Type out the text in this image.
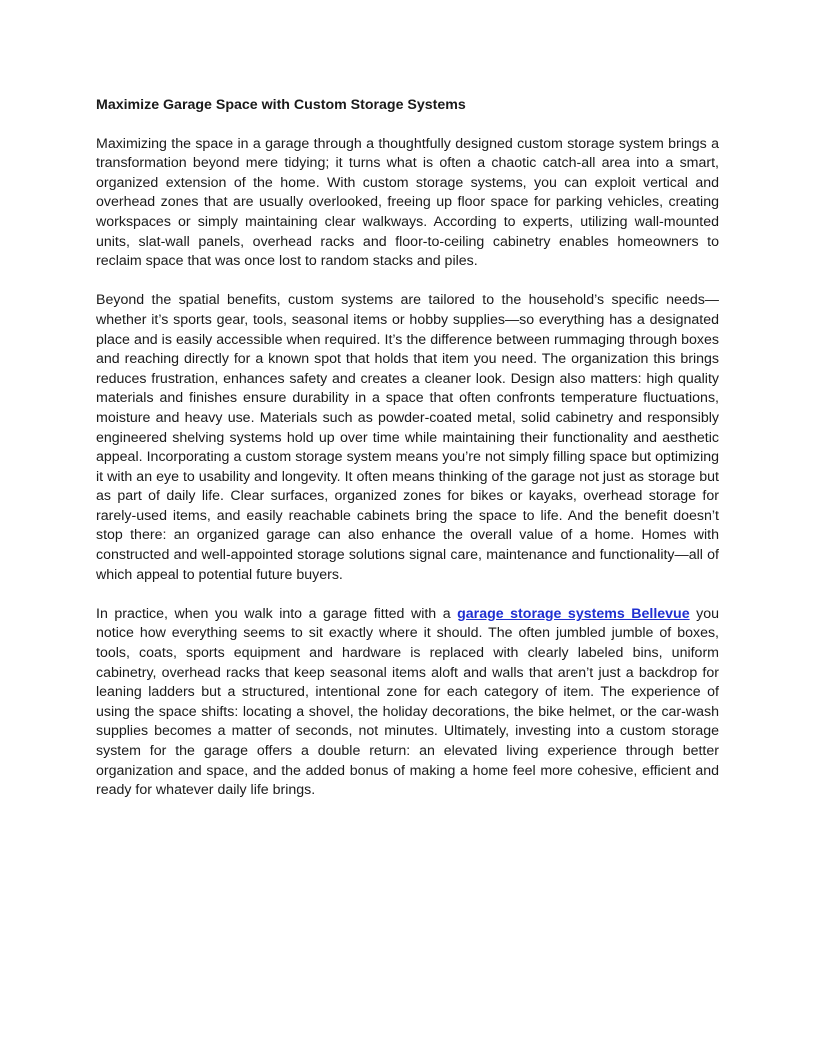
Maximize Garage Space with Custom Storage Systems

Maximizing the space in a garage through a thoughtfully designed custom storage system brings a transformation beyond mere tidying; it turns what is often a chaotic catch-all area into a smart, organized extension of the home. With custom storage systems, you can exploit vertical and overhead zones that are usually overlooked, freeing up floor space for parking vehicles, creating workspaces or simply maintaining clear walkways. According to experts, utilizing wall-mounted units, slat-wall panels, overhead racks and floor-to-ceiling cabinetry enables homeowners to reclaim space that was once lost to random stacks and piles.

Beyond the spatial benefits, custom systems are tailored to the household’s specific needs—whether it’s sports gear, tools, seasonal items or hobby supplies—so everything has a designated place and is easily accessible when required. It’s the difference between rummaging through boxes and reaching directly for a known spot that holds that item you need. The organization this brings reduces frustration, enhances safety and creates a cleaner look. Design also matters: high quality materials and finishes ensure durability in a space that often confronts temperature fluctuations, moisture and heavy use. Materials such as powder-coated metal, solid cabinetry and responsibly engineered shelving systems hold up over time while maintaining their functionality and aesthetic appeal. Incorporating a custom storage system means you’re not simply filling space but optimizing it with an eye to usability and longevity. It often means thinking of the garage not just as storage but as part of daily life. Clear surfaces, organized zones for bikes or kayaks, overhead storage for rarely-used items, and easily reachable cabinets bring the space to life. And the benefit doesn’t stop there: an organized garage can also enhance the overall value of a home. Homes with constructed and well-appointed storage solutions signal care, maintenance and functionality—all of which appeal to potential future buyers.

In practice, when you walk into a garage fitted with a garage storage systems Bellevue you notice how everything seems to sit exactly where it should. The often jumbled jumble of boxes, tools, coats, sports equipment and hardware is replaced with clearly labeled bins, uniform cabinetry, overhead racks that keep seasonal items aloft and walls that aren’t just a backdrop for leaning ladders but a structured, intentional zone for each category of item. The experience of using the space shifts: locating a shovel, the holiday decorations, the bike helmet, or the car-wash supplies becomes a matter of seconds, not minutes. Ultimately, investing into a custom storage system for the garage offers a double return: an elevated living experience through better organization and space, and the added bonus of making a home feel more cohesive, efficient and ready for whatever daily life brings.
